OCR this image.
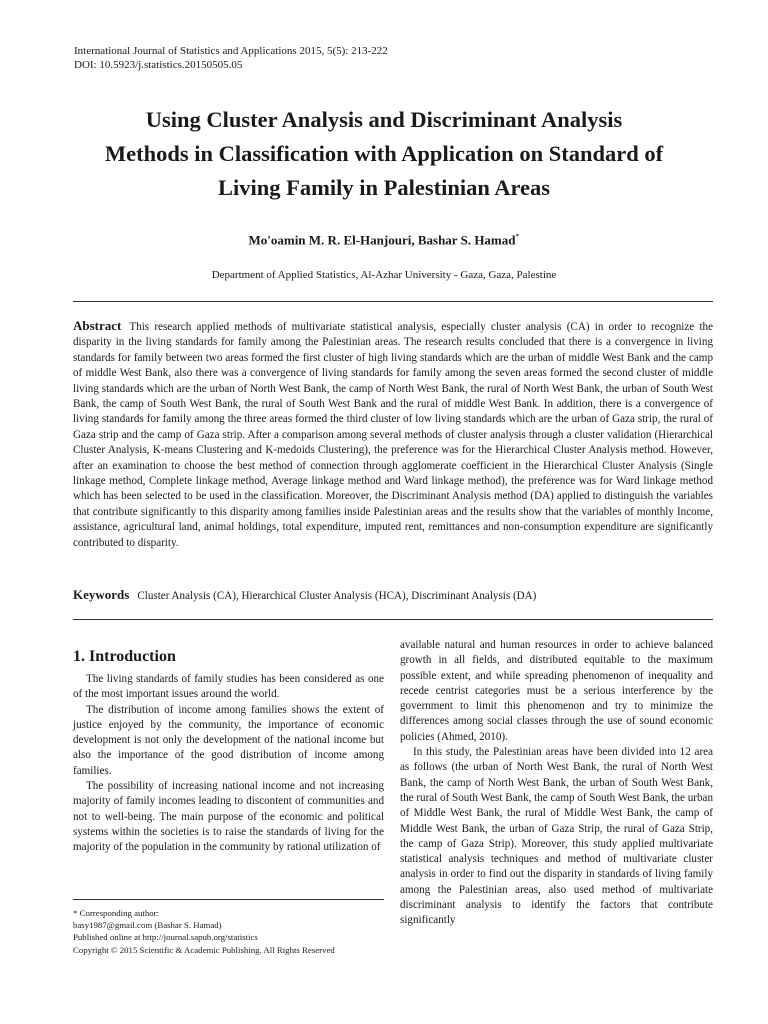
International Journal of Statistics and Applications 2015, 5(5): 213-222
DOI: 10.5923/j.statistics.20150505.05
Using Cluster Analysis and Discriminant Analysis
Methods in Classification with Application on Standard of
Living Family in Palestinian Areas
Mo'oamin M. R. El-Hanjouri, Bashar S. Hamad*
Department of Applied Statistics, Al-Azhar University - Gaza, Gaza, Palestine
Abstract This research applied methods of multivariate statistical analysis, especially cluster analysis (CA) in order to recognize the disparity in the living standards for family among the Palestinian areas. The research results concluded that there is a convergence in living standards for family between two areas formed the first cluster of high living standards which are the urban of middle West Bank and the camp of middle West Bank, also there was a convergence of living standards for family among the seven areas formed the second cluster of middle living standards which are the urban of North West Bank, the camp of North West Bank, the rural of North West Bank, the urban of South West Bank, the camp of South West Bank, the rural of South West Bank and the rural of middle West Bank. In addition, there is a convergence of living standards for family among the three areas formed the third cluster of low living standards which are the urban of Gaza strip, the rural of Gaza strip and the camp of Gaza strip. After a comparison among several methods of cluster analysis through a cluster validation (Hierarchical Cluster Analysis, K-means Clustering and K-medoids Clustering), the preference was for the Hierarchical Cluster Analysis method. However, after an examination to choose the best method of connection through agglomerate coefficient in the Hierarchical Cluster Analysis (Single linkage method, Complete linkage method, Average linkage method and Ward linkage method), the preference was for Ward linkage method which has been selected to be used in the classification. Moreover, the Discriminant Analysis method (DA) applied to distinguish the variables that contribute significantly to this disparity among families inside Palestinian areas and the results show that the variables of monthly Income, assistance, agricultural land, animal holdings, total expenditure, imputed rent, remittances and non-consumption expenditure are significantly contributed to disparity.
Keywords Cluster Analysis (CA), Hierarchical Cluster Analysis (HCA), Discriminant Analysis (DA)
1. Introduction

The living standards of family studies has been considered as one of the most important issues around the world.

The distribution of income among families shows the extent of justice enjoyed by the community, the importance of economic development is not only the development of the national income but also the importance of the good distribution of income among families.

The possibility of increasing national income and not increasing majority of family incomes leading to discontent of communities and not to well-being. The main purpose of the economic and political systems within the societies is to raise the standards of living for the majority of the population in the community by rational utilization of

available natural and human resources in order to achieve balanced growth in all fields, and distributed equitable to the maximum possible extent, and while spreading phenomenon of inequality and recede centrist categories must be a serious interference by the government to limit this phenomenon and try to minimize the differences among social classes through the use of sound economic policies (Ahmed, 2010).

In this study, the Palestinian areas have been divided into 12 area as follows (the urban of North West Bank, the rural of North West Bank, the camp of North West Bank, the urban of South West Bank, the rural of South West Bank, the camp of South West Bank, the urban of Middle West Bank, the rural of Middle West Bank, the camp of Middle West Bank, the urban of Gaza Strip, the rural of Gaza Strip, the camp of Gaza Strip). Moreover, this study applied multivariate statistical analysis techniques and method of multivariate cluster analysis in order to find out the disparity in standards of living family among the Palestinian areas, also used method of multivariate discriminant analysis to identify the factors that contribute significantly

* Corresponding author:
basy1987@gmail.com (Bashar S. Hamad)
Published online at http://journal.sapub.org/statistics
Copyright © 2015 Scientific & Academic Publishing. All Rights Reserved
